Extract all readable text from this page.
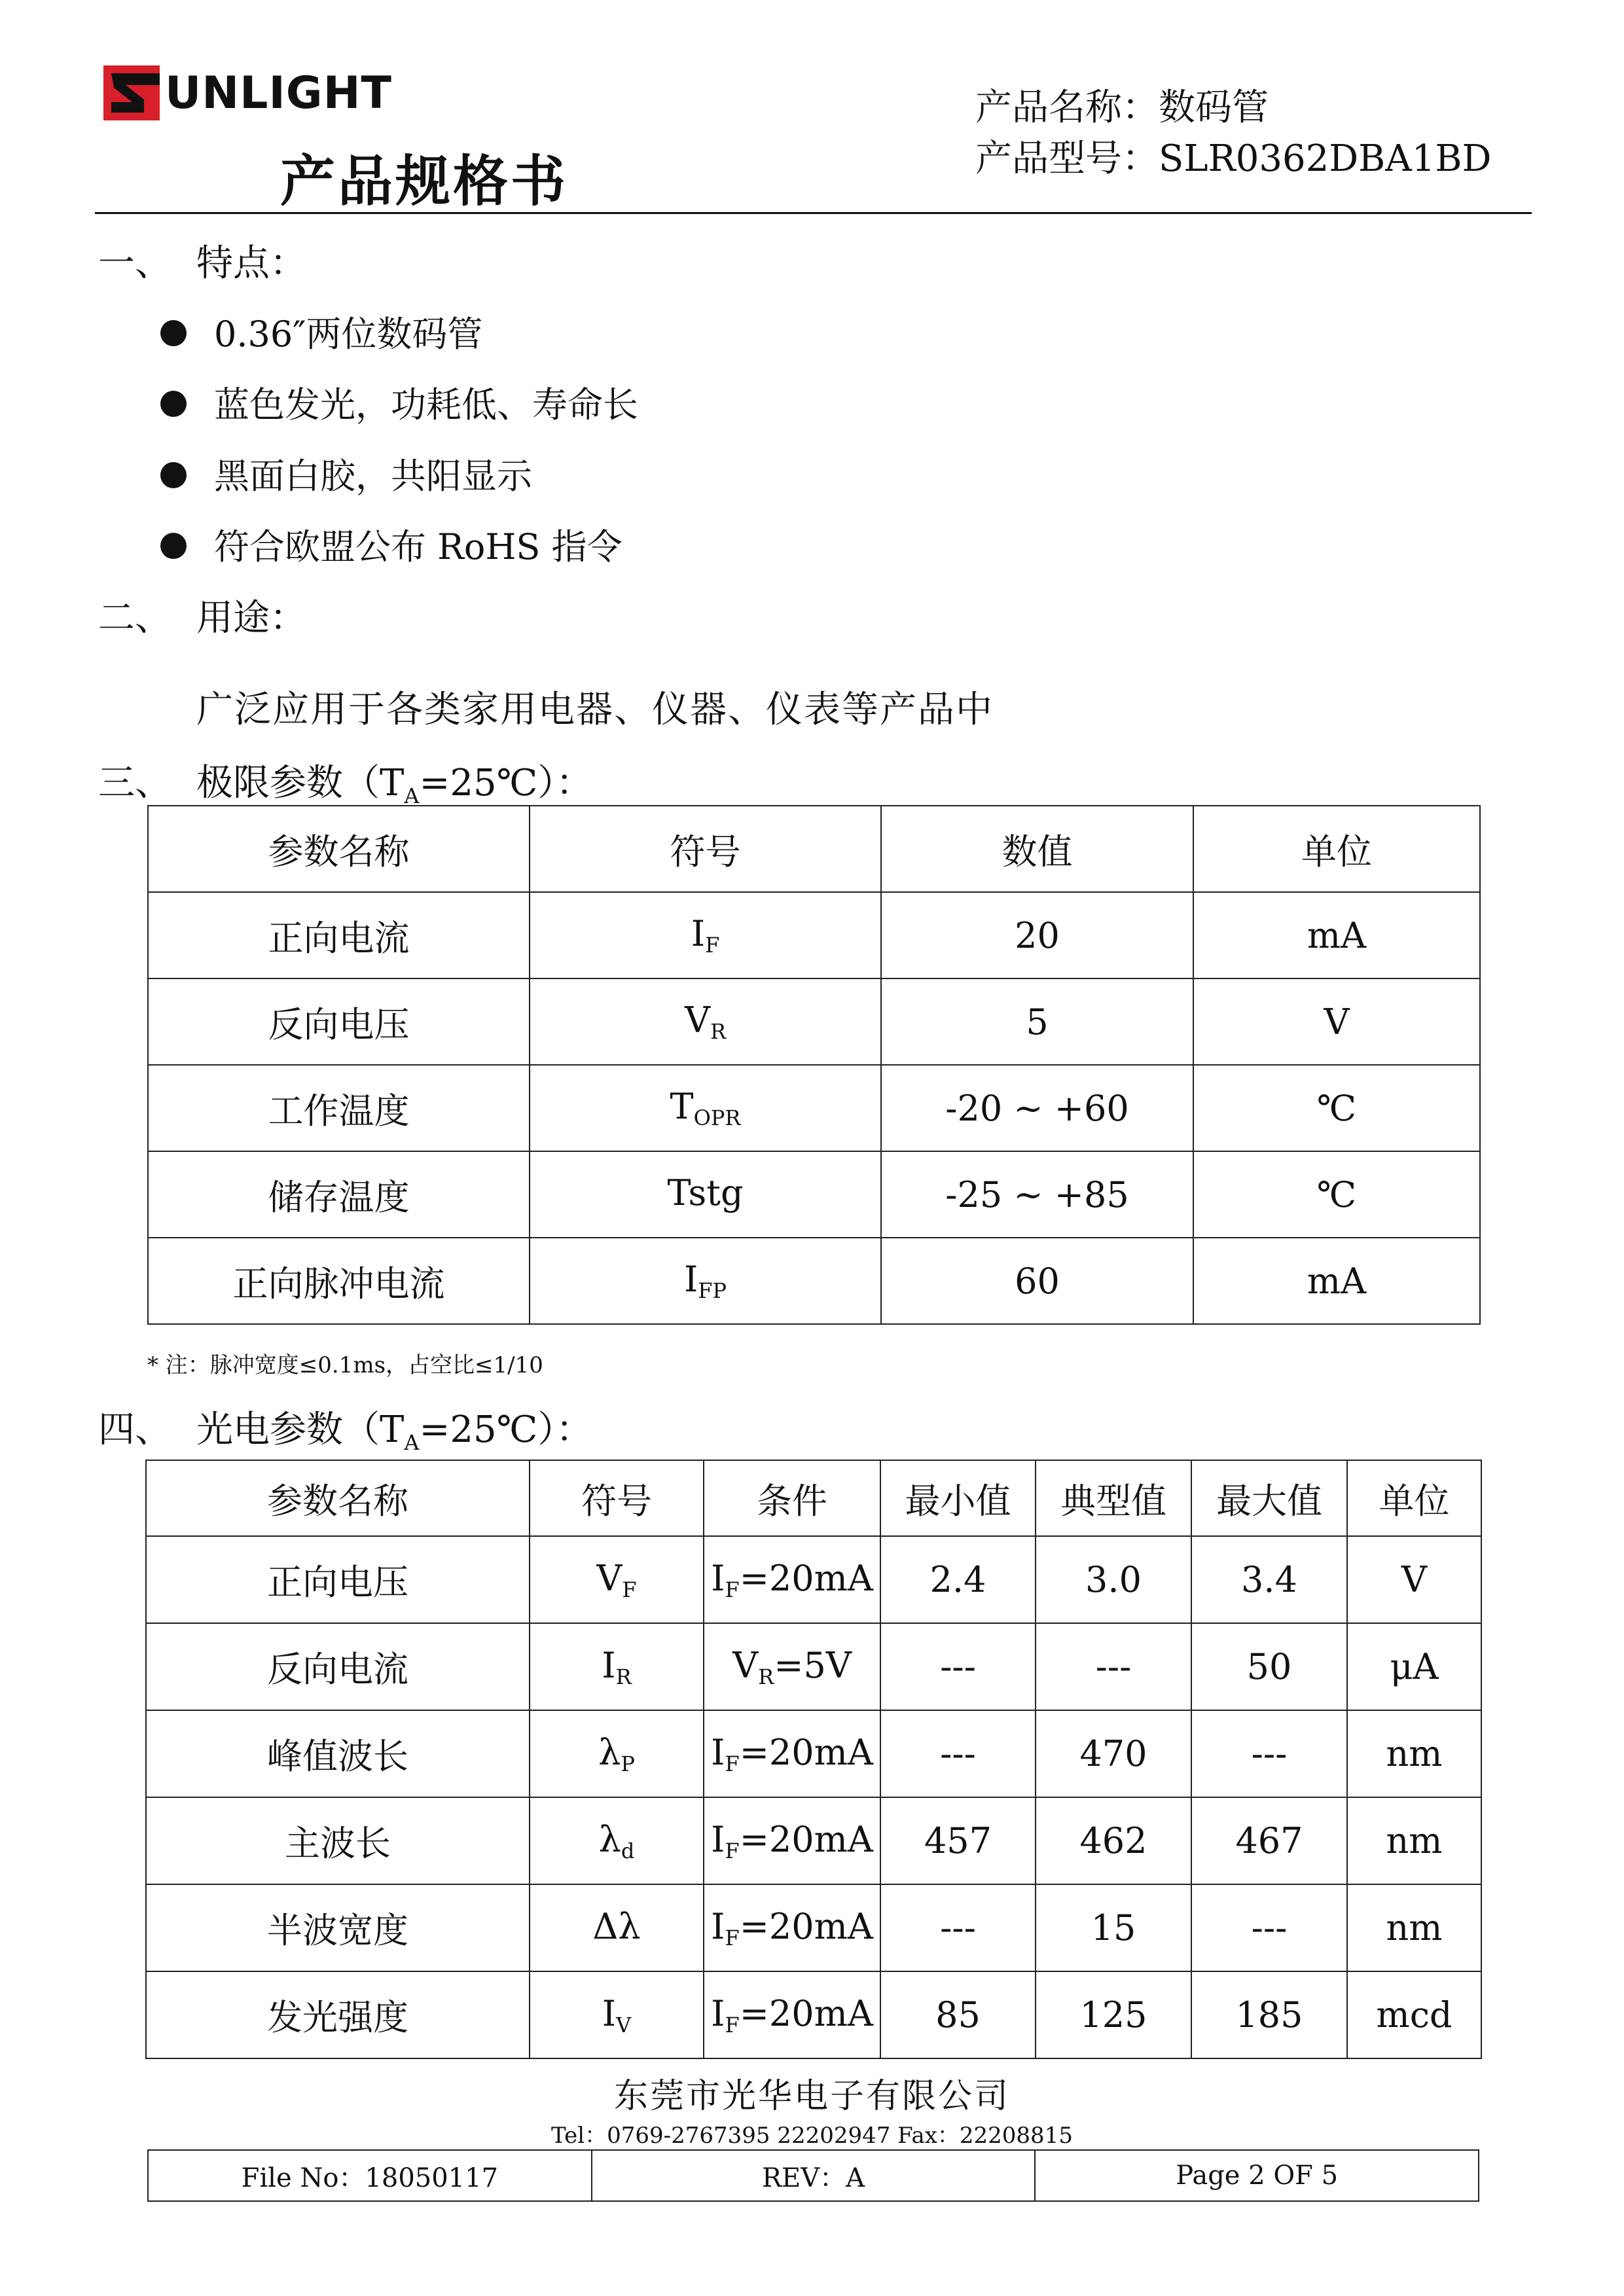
UNLIGHT
产品规格书
产品名称：数码管
产品型号：SLR0362DBA1BD
一、 特点：
0.36″两位数码管
蓝色发光，功耗低、寿命长
黑面白胶，共阳显示
符合欧盟公布 RoHS 指令
二、 用途：
广泛应用于各类家用电器、仪器、仪表等产品中
三、 极限参数$(T_A=25℃)$：
参数名称	符号	数值	单位
正向电流	$I_F$	20	mA
反向电压	$V_R$	5	V
工作温度	$T_{OPR}$	-20 ~ +60	℃
储存温度	Tstg	-25 ~ +85	℃
正向脉冲电流	$I_{FP}$	60	mA
* 注：脉冲宽度≤0.1ms，占空比≤1/10
四、 光电参数$(T_A=25℃)$：
参数名称	符号	条件	最小值	典型值	最大值	单位
正向电压	$V_F$	$I_F=20mA$	2.4	3.0	3.4	V
反向电流	$I_R$	$V_R=5V$	---	---	50	μA
峰值波长	$\lambda_P$	$I_F=20mA$	---	470	---	nm
主波长	$\lambda_d$	$I_F=20mA$	457	462	467	nm
半波宽度	Δλ	$I_F=20mA$	---	15	---	nm
发光强度	$I_V$	$I_F=20mA$	85	125	185	mcd
东莞市光华电子有限公司
Tel：0769-2767395 22202947 Fax：22208815
File No：18050117	REV：A	Page 2 OF 5
